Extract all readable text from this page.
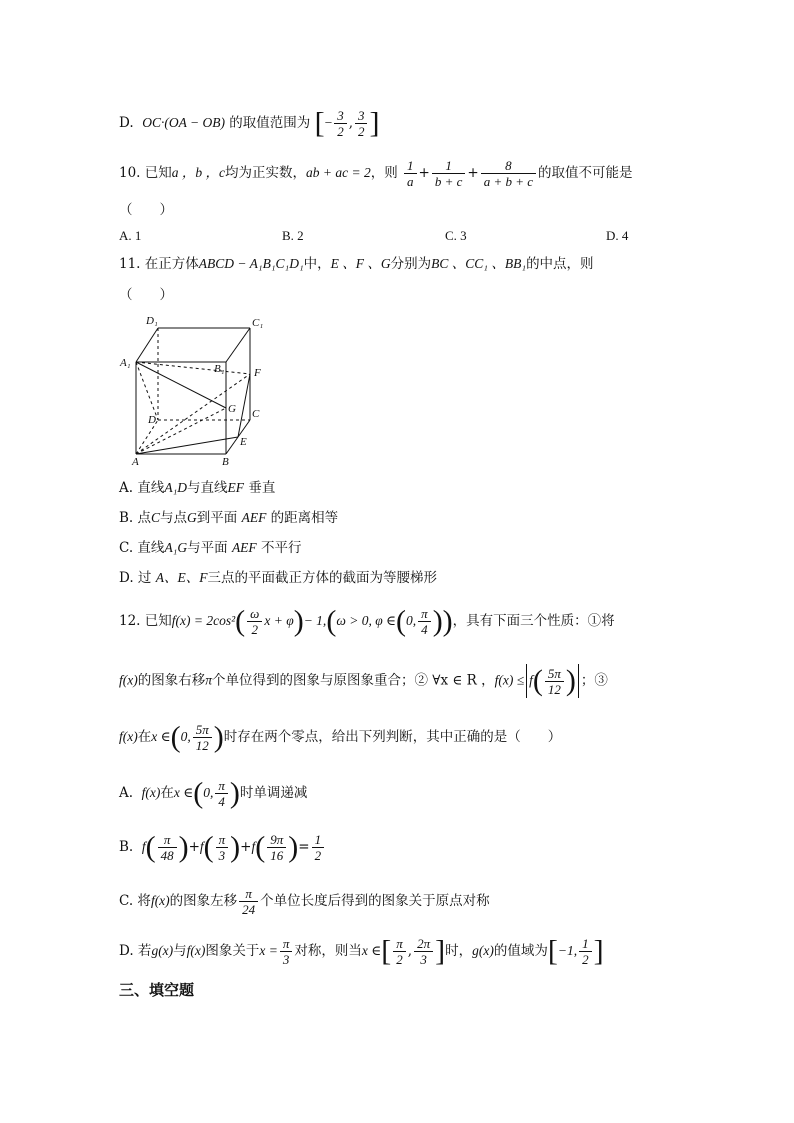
D. OC·(OA − OB) 的取值范围为 [− $\frac{3}{2}$ , $\frac{3}{2}$ ]
10. 已知a ，b ，c均为正实数，ab + ac = 2，则 $\frac{1}{a} + \frac{1}{b + c} + \frac{8}{a + b + c}$ 的取值不可能是
（　　）
A. 1	B. 2	C. 3	D. 4
11. 在正方体ABCD − A₁B₁C₁D₁中，E 、F 、G分别为BC 、CC₁ 、BB₁的中点，则
（　　）
D₁	C₁
A₁	B₁	F
G
D	C
E
A	B
A. 直线A₁D与直线EF 垂直
B. 点C与点G到平面 AEF 的距离相等
C. 直线A₁G与平面 AEF 不平行
D. 过 A、E、F三点的平面截正方体的截面为等腰梯形
12. 已知$f(x) = 2\cos^2( \frac{\omega}{2}$ x + φ)− 1,(ω > 0, φ ∈(0, $\frac{\pi}{4}$ ))，具有下面三个性质：①将
f(x)的图象右移π个单位得到的图象与原图象重合；② ∀x ∈ R ，$f(x) \le f( \frac{5\pi}{12}$ ) ；③
f(x)在x ∈(0, $\frac{5\pi}{12}$ )时存在两个零点，给出下列判断，其中正确的是（　　）
A. f(x)在x ∈(0, $\frac{\pi}{4}$ )时单调递减
B. $f( \frac{\pi}{48} )+f( \frac{\pi}{3} )+f( \frac{9\pi}{16}$ )= $\frac{1}{2}$
C. 将f(x)的图象左移 $\frac{\pi}{24}$ 个单位长度后得到的图象关于原点对称
D. 若g(x)与f(x)图象关于$x = \frac{\pi}{3}$ 对称，则当x ∈[ $\frac{\pi}{2}$ , $\frac{2\pi}{3}$ ]时，g(x)的值域为[−1, $\frac{1}{2}$ ]
三、填空题
